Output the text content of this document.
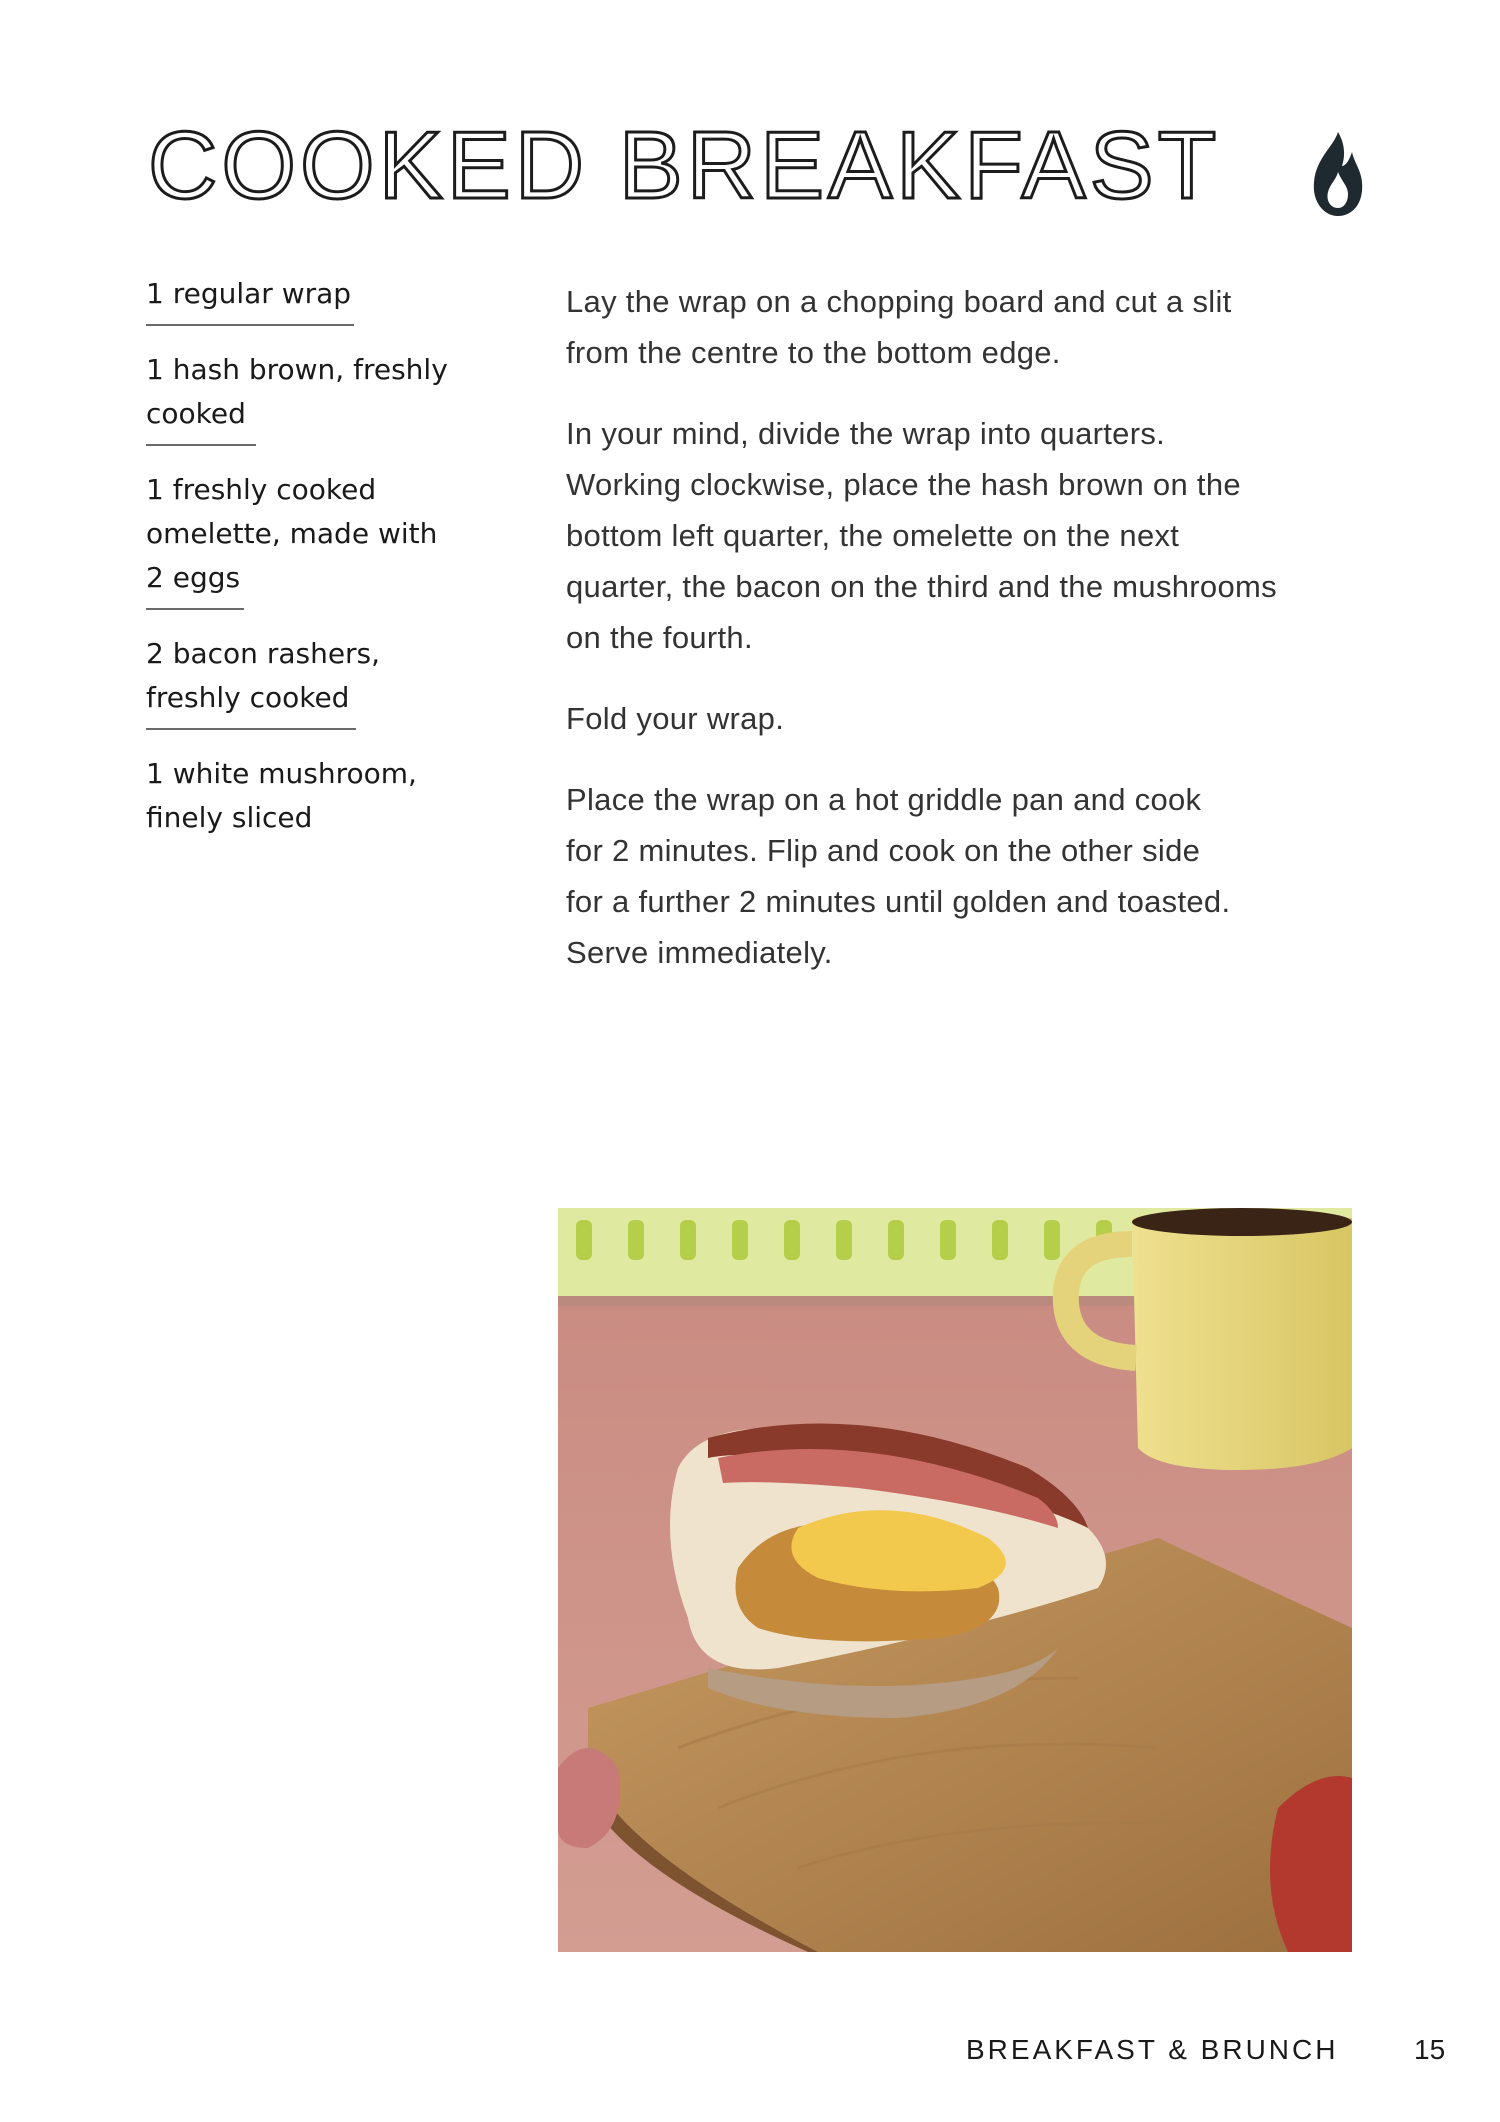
COOKED BREAKFAST
1 regular wrap
1 hash brown, freshly
cooked
1 freshly cooked
omelette, made with
2 eggs
2 bacon rashers,
freshly cooked
1 white mushroom,
finely sliced

Lay the wrap on a chopping board and cut a slit
from the centre to the bottom edge.

In your mind, divide the wrap into quarters.
Working clockwise, place the hash brown on the
bottom left quarter, the omelette on the next
quarter, the bacon on the third and the mushrooms
on the fourth.

Fold your wrap.

Place the wrap on a hot griddle pan and cook
for 2 minutes. Flip and cook on the other side
for a further 2 minutes until golden and toasted.
Serve immediately.

BREAKFAST & BRUNCH	15
